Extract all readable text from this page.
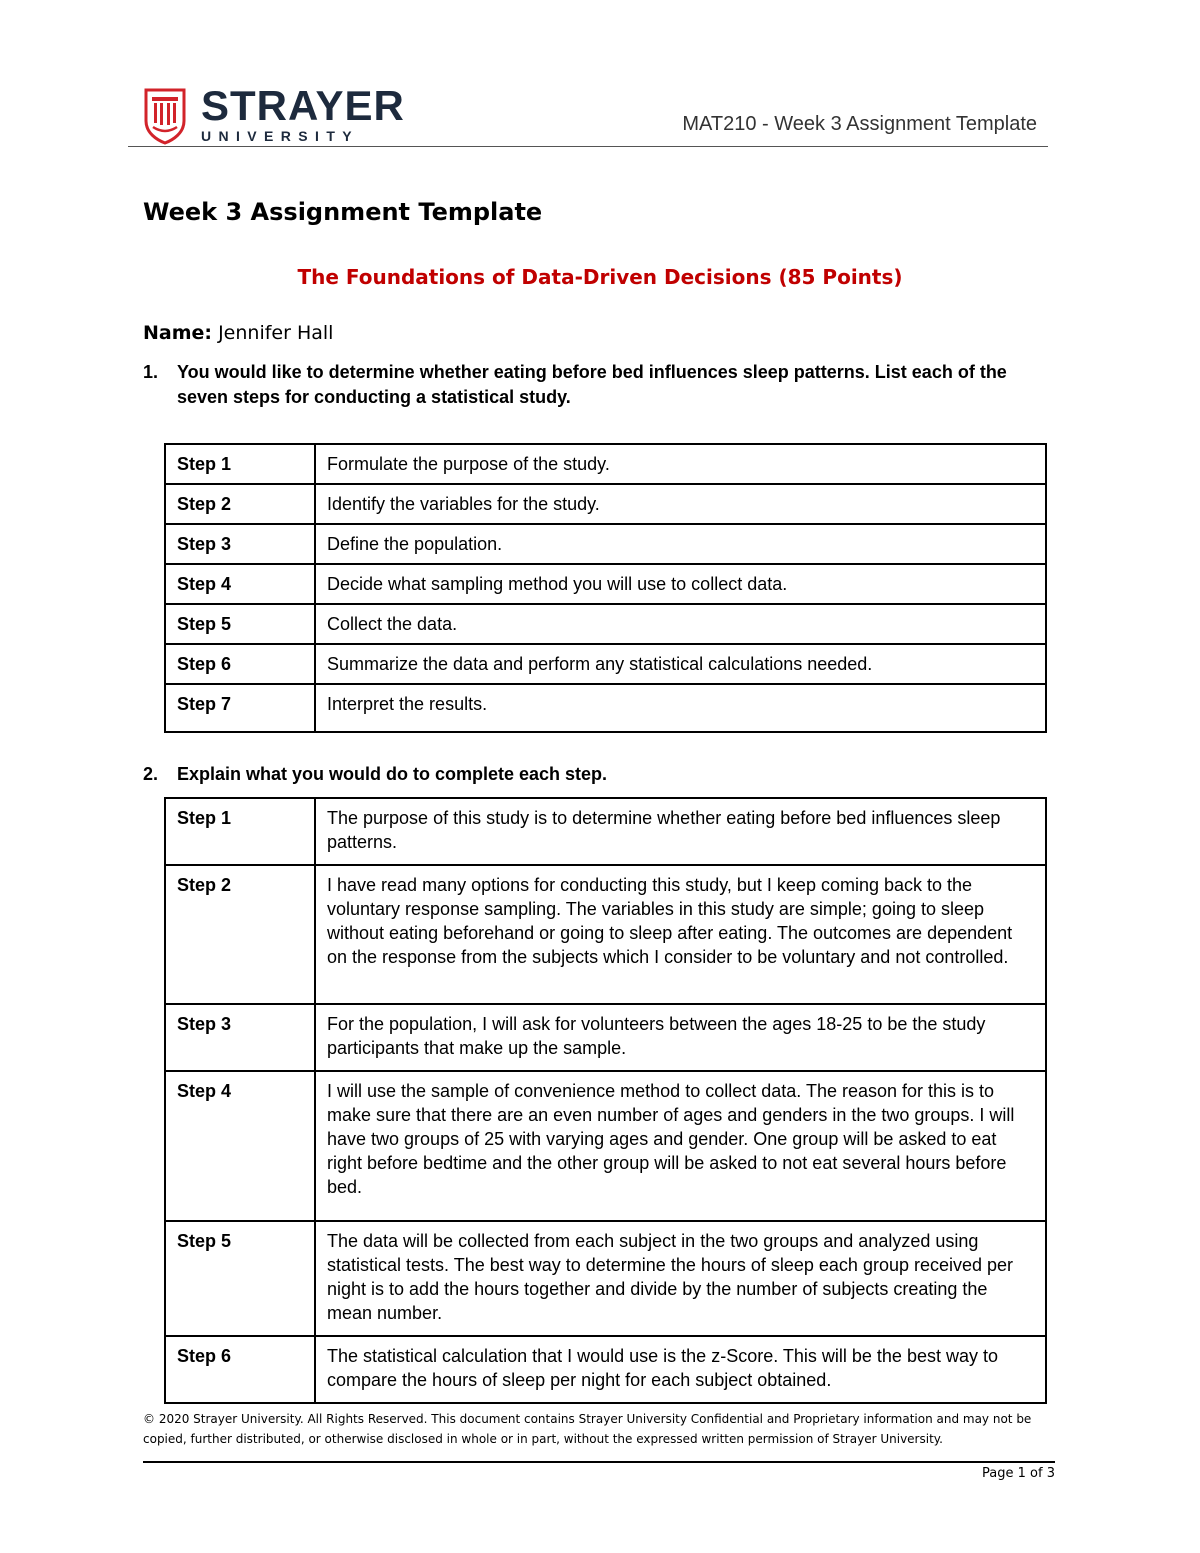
STRAYER
UNIVERSITY
MAT210 - Week 3 Assignment Template
Week 3 Assignment Template
The Foundations of Data-Driven Decisions (85 Points)
Name: Jennifer Hall
1.	You would like to determine whether eating before bed influences sleep patterns. List each of the seven steps for conducting a statistical study.
Step 1	Formulate the purpose of the study.
Step 2	Identify the variables for the study.
Step 3	Define the population.
Step 4	Decide what sampling method you will use to collect data.
Step 5	Collect the data.
Step 6	Summarize the data and perform any statistical calculations needed.
Step 7	Interpret the results.
2.	Explain what you would do to complete each step.
Step 1	The purpose of this study is to determine whether eating before bed influences sleep patterns.
Step 2	I have read many options for conducting this study, but I keep coming back to the voluntary response sampling. The variables in this study are simple; going to sleep without eating beforehand or going to sleep after eating. The outcomes are dependent on the response from the subjects which I consider to be voluntary and not controlled.
Step 3	For the population, I will ask for volunteers between the ages 18-25 to be the study participants that make up the sample.
Step 4	I will use the sample of convenience method to collect data. The reason for this is to make sure that there are an even number of ages and genders in the two groups. I will have two groups of 25 with varying ages and gender. One group will be asked to eat right before bedtime and the other group will be asked to not eat several hours before bed.
Step 5	The data will be collected from each subject in the two groups and analyzed using statistical tests. The best way to determine the hours of sleep each group received per night is to add the hours together and divide by the number of subjects creating the mean number.
Step 6	The statistical calculation that I would use is the z-Score. This will be the best way to compare the hours of sleep per night for each subject obtained.
© 2020 Strayer University. All Rights Reserved. This document contains Strayer University Confidential and Proprietary information and may not be copied, further distributed, or otherwise disclosed in whole or in part, without the expressed written permission of Strayer University.
Page 1 of 3
